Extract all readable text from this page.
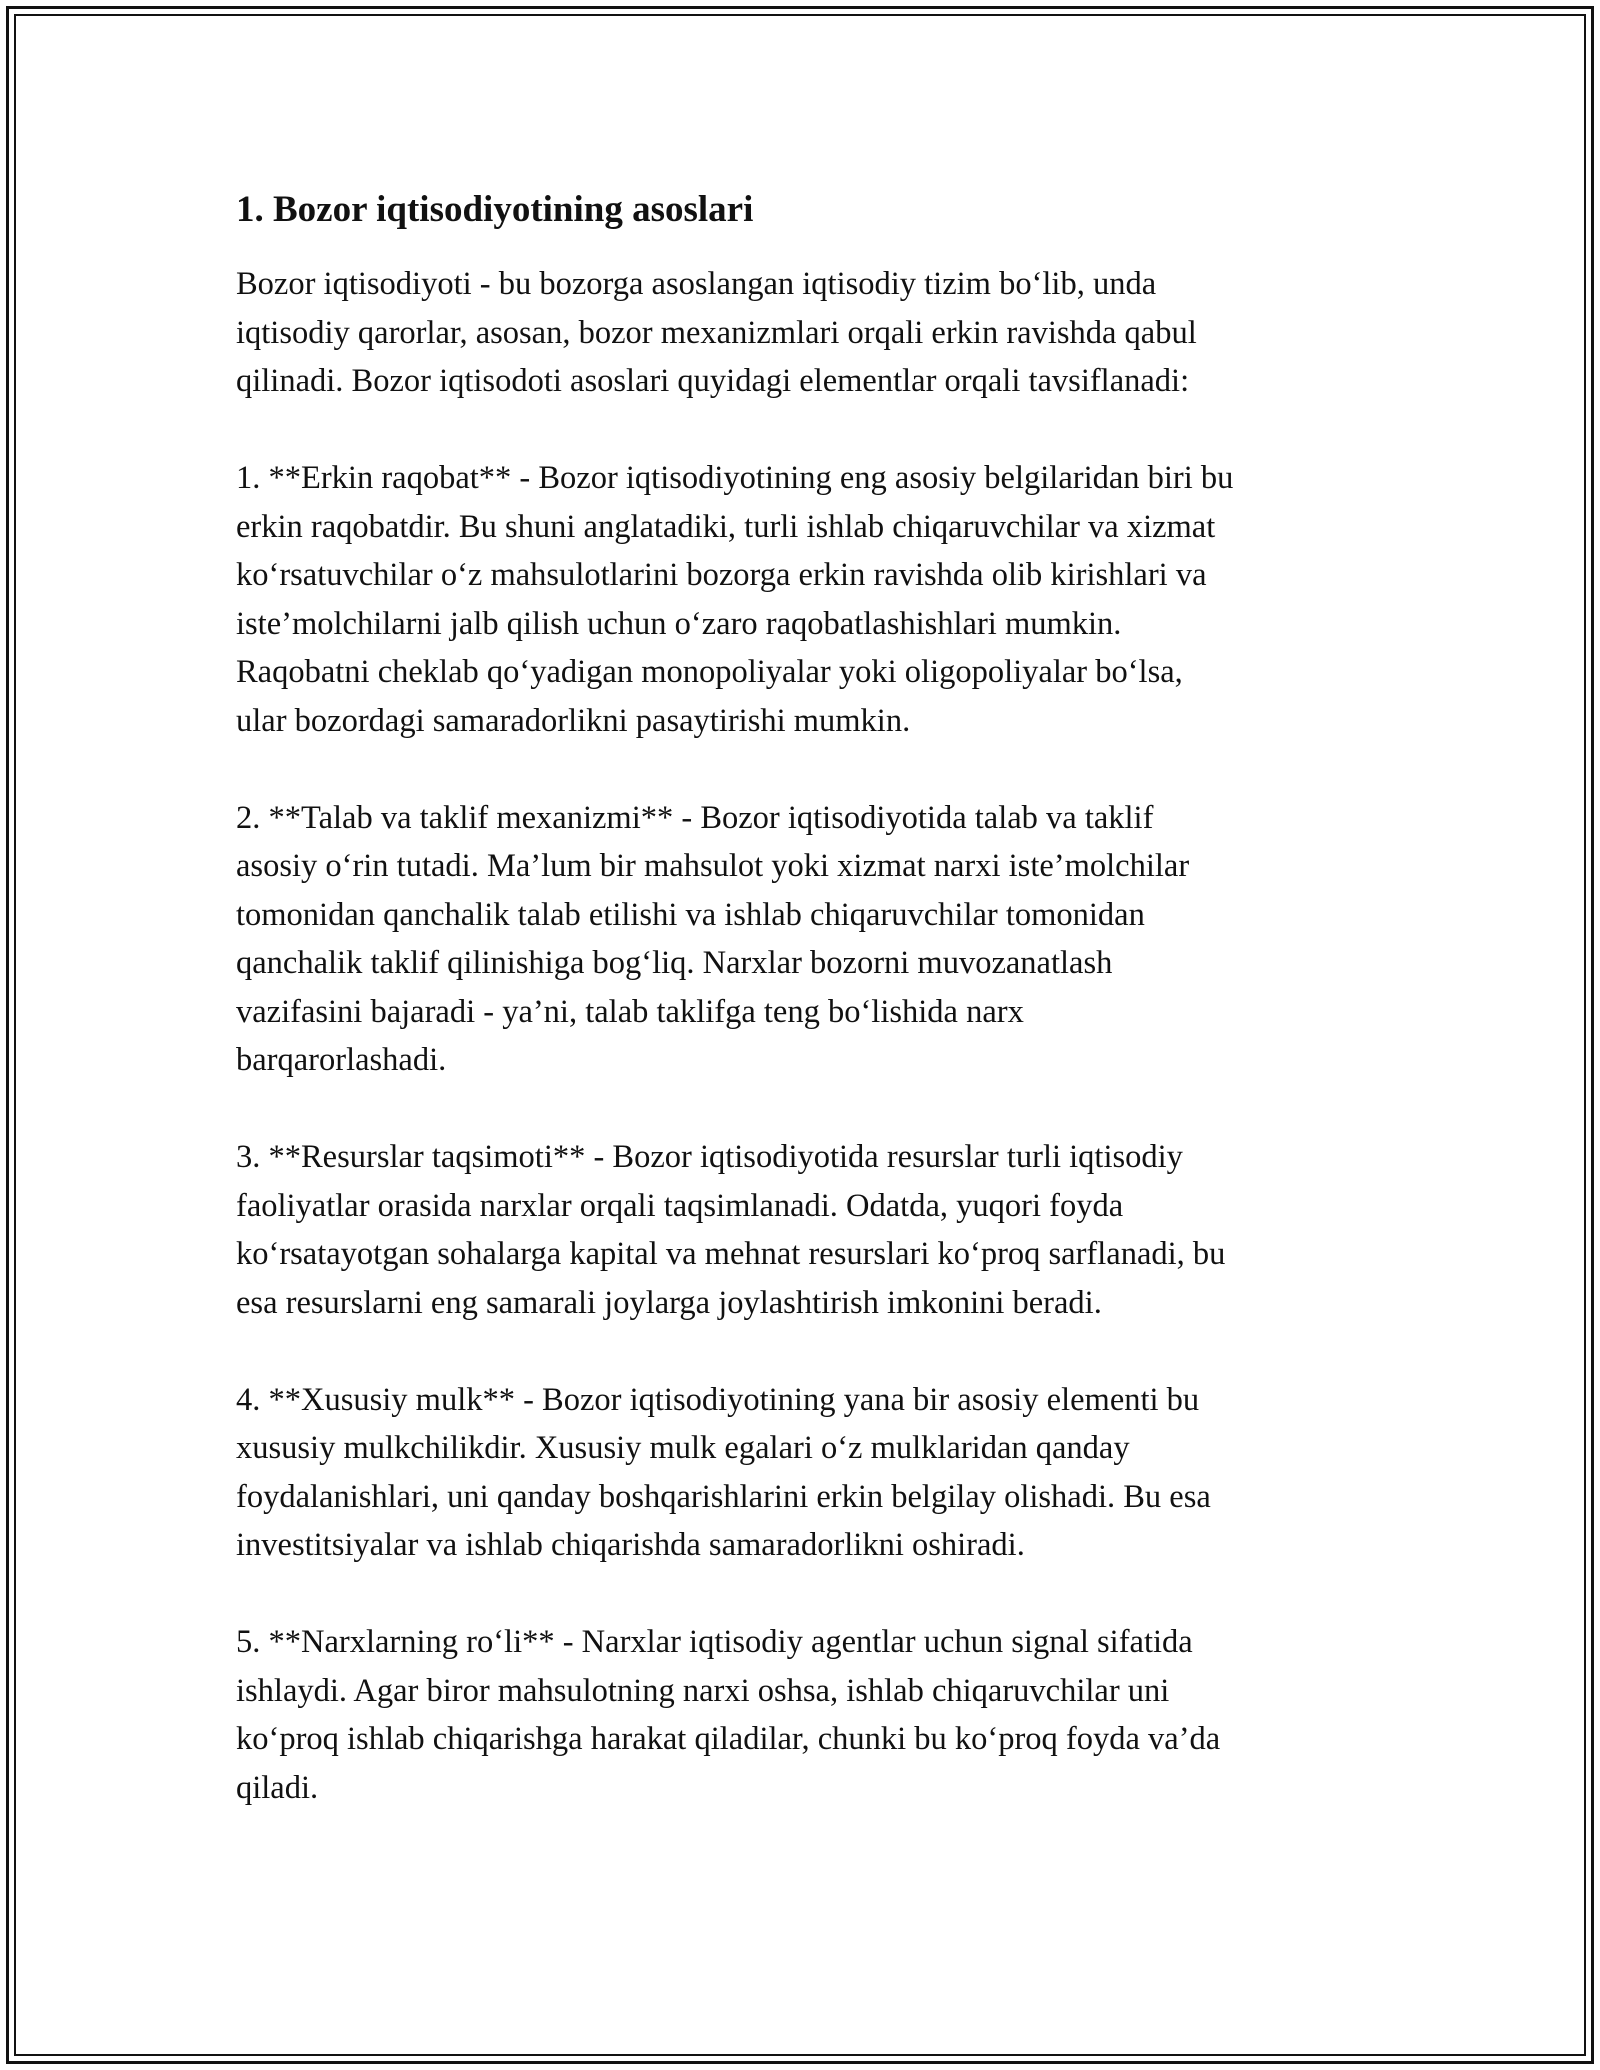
1. Bozor iqtisodiyotining asoslari

Bozor iqtisodiyoti - bu bozorga asoslangan iqtisodiy tizim bo‘lib, unda
iqtisodiy qarorlar, asosan, bozor mexanizmlari orqali erkin ravishda qabul
qilinadi. Bozor iqtisodoti asoslari quyidagi elementlar orqali tavsiflanadi:

1. **Erkin raqobat** - Bozor iqtisodiyotining eng asosiy belgilaridan biri bu
erkin raqobatdir. Bu shuni anglatadiki, turli ishlab chiqaruvchilar va xizmat
ko‘rsatuvchilar o‘z mahsulotlarini bozorga erkin ravishda olib kirishlari va
iste’molchilarni jalb qilish uchun o‘zaro raqobatlashishlari mumkin.
Raqobatni cheklab qo‘yadigan monopoliyalar yoki oligopoliyalar bo‘lsa,
ular bozordagi samaradorlikni pasaytirishi mumkin.

2. **Talab va taklif mexanizmi** - Bozor iqtisodiyotida talab va taklif
asosiy o‘rin tutadi. Ma’lum bir mahsulot yoki xizmat narxi iste’molchilar
tomonidan qanchalik talab etilishi va ishlab chiqaruvchilar tomonidan
qanchalik taklif qilinishiga bog‘liq. Narxlar bozorni muvozanatlash
vazifasini bajaradi - ya’ni, talab taklifga teng bo‘lishida narx
barqarorlashadi.

3. **Resurslar taqsimoti** - Bozor iqtisodiyotida resurslar turli iqtisodiy
faoliyatlar orasida narxlar orqali taqsimlanadi. Odatda, yuqori foyda
ko‘rsatayotgan sohalarga kapital va mehnat resurslari ko‘proq sarflanadi, bu
esa resurslarni eng samarali joylarga joylashtirish imkonini beradi.

4. **Xususiy mulk** - Bozor iqtisodiyotining yana bir asosiy elementi bu
xususiy mulkchilikdir. Xususiy mulk egalari o‘z mulklaridan qanday
foydalanishlari, uni qanday boshqarishlarini erkin belgilay olishadi. Bu esa
investitsiyalar va ishlab chiqarishda samaradorlikni oshiradi.

5. **Narxlarning ro‘li** - Narxlar iqtisodiy agentlar uchun signal sifatida
ishlaydi. Agar biror mahsulotning narxi oshsa, ishlab chiqaruvchilar uni
ko‘proq ishlab chiqarishga harakat qiladilar, chunki bu ko‘proq foyda va’da
qiladi.
